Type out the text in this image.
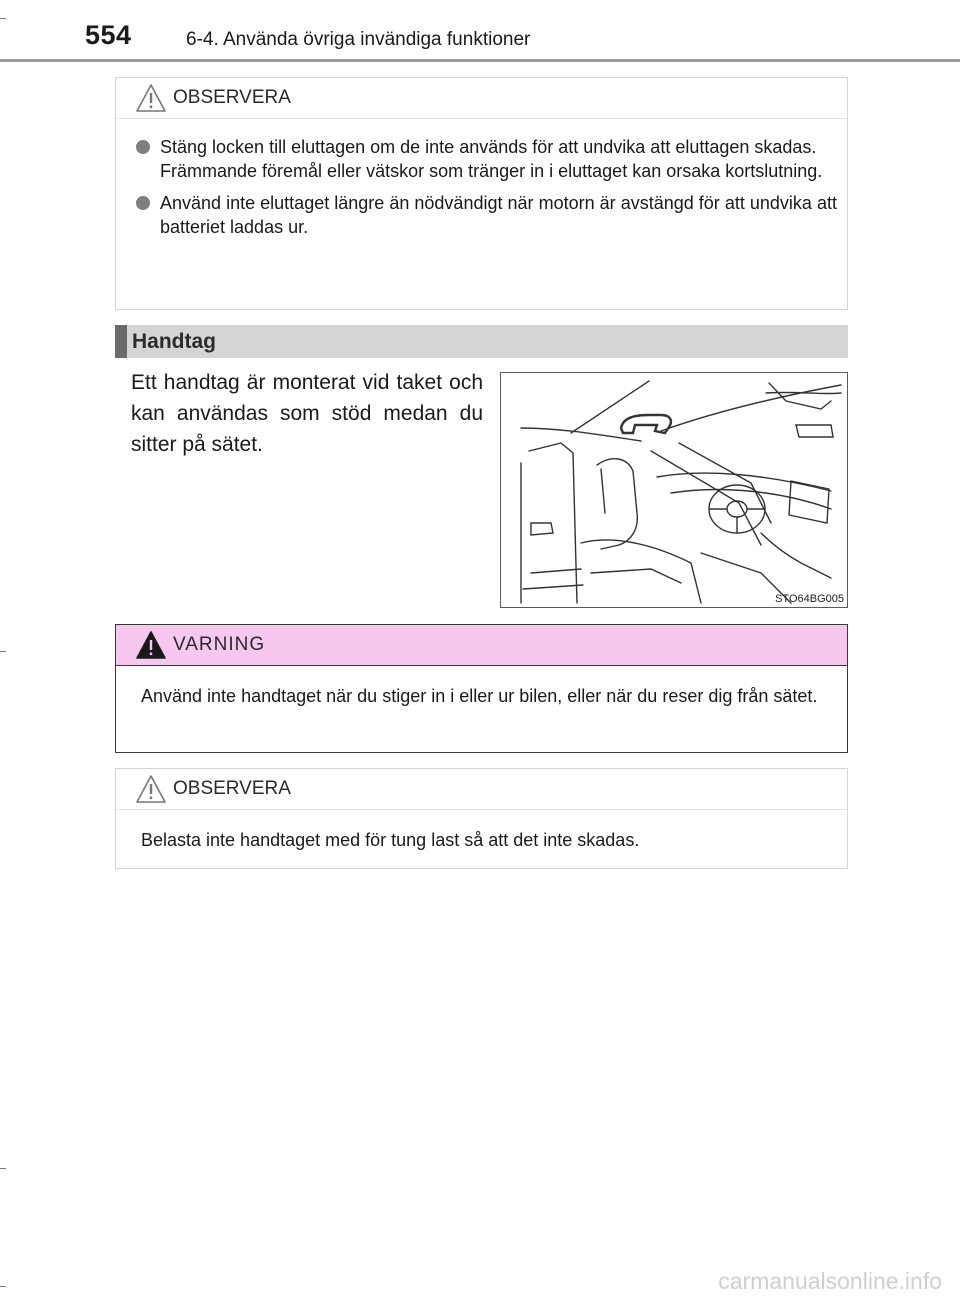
554	6-4. Använda övriga invändiga funktioner
OBSERVERA

Stäng locken till eluttagen om de inte används för att undvika att eluttagen skadas.

Främmande föremål eller vätskor som tränger in i eluttaget kan orsaka kortslutning.

Använd inte eluttaget längre än nödvändigt när motorn är avstängd för att undvika att batteriet laddas ur.

Handtag
Ett handtag är monterat vid taket och kan användas som stöd medan du sitter på sätet.
STO64BG005
VARNING
Använd inte handtaget när du stiger in i eller ur bilen, eller när du reser dig från sätet.
OBSERVERA
Belasta inte handtaget med för tung last så att det inte skadas.
carmanualsonline.info
